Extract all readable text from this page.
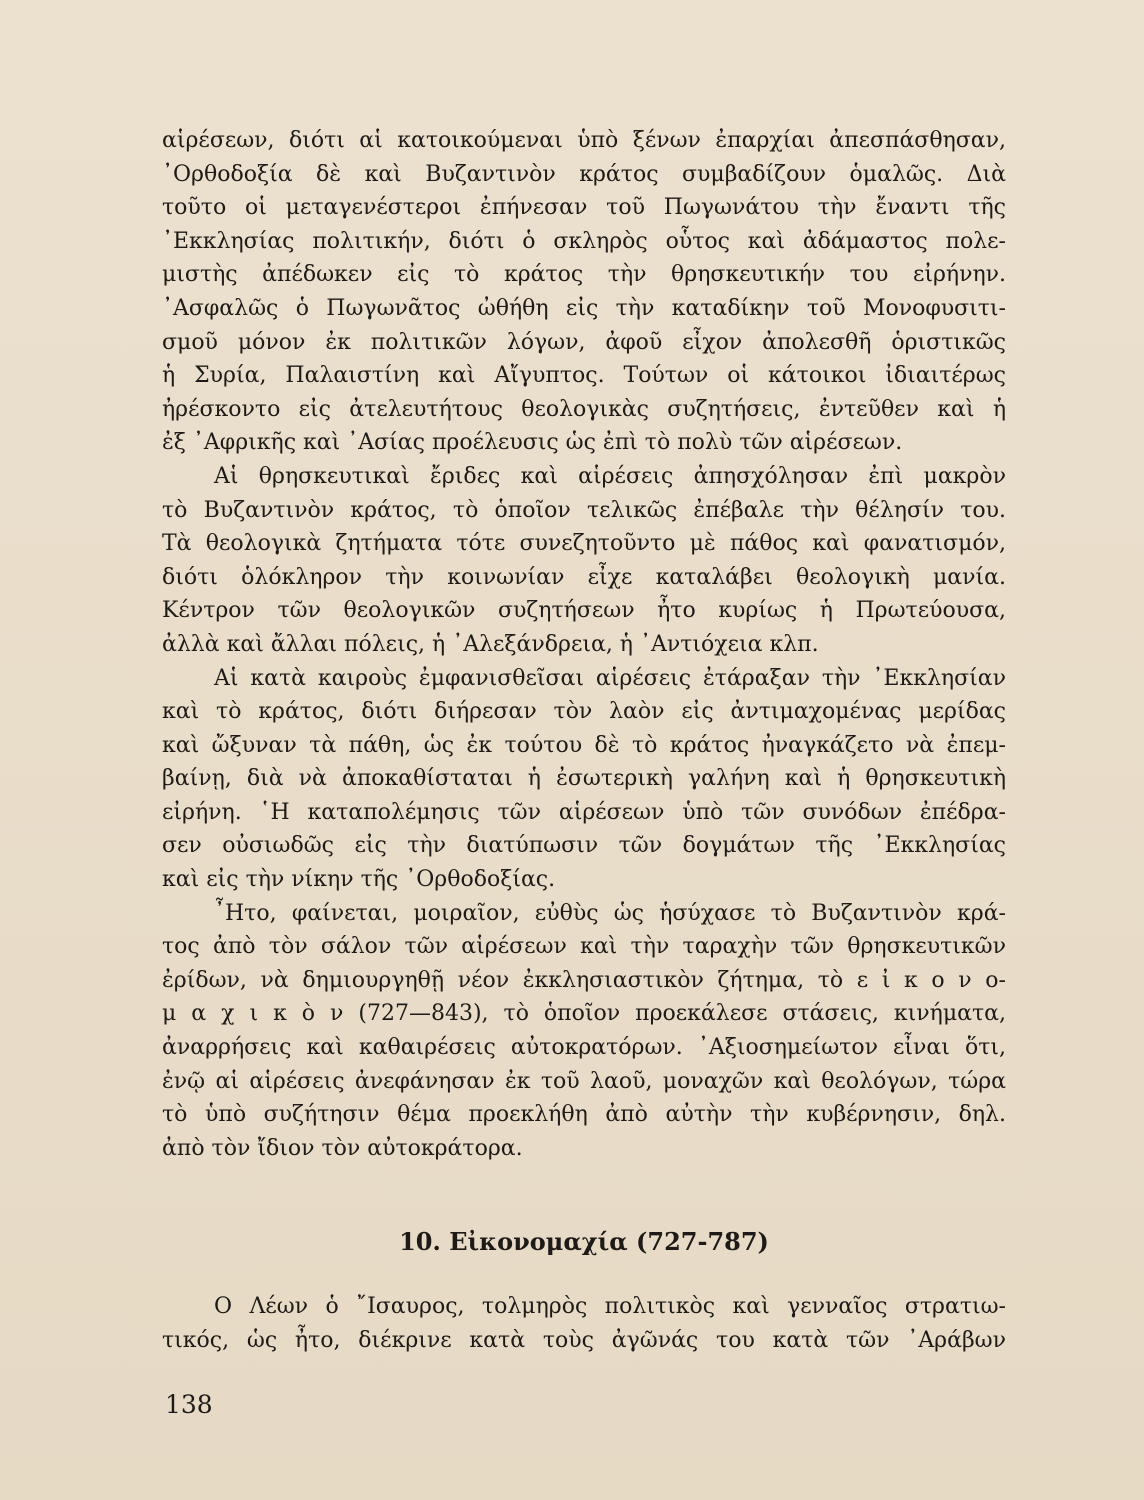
αἱρέσεων, διότι αἱ κατοικούμεναι ὑπὸ ξένων ἐπαρχίαι ἀπεσπάσθησαν,
᾿Ορθοδοξία δὲ καὶ Βυζαντινὸν κράτος συμβαδίζουν ὁμαλῶς. Διὰ
τοῦτο οἱ μεταγενέστεροι ἐπήνεσαν τοῦ Πωγωνάτου τὴν ἔναντι τῆς
᾿Εκκλησίας πολιτικήν, διότι ὁ σκληρὸς οὗτος καὶ ἀδάμαστος πολε-
μιστὴς ἀπέδωκεν εἰς τὸ κράτος τὴν θρησκευτικήν του εἰρήνην.
᾿Ασφαλῶς ὁ Πωγωνᾶτος ὠθήθη εἰς τὴν καταδίκην τοῦ Μονοφυσιτι-
σμοῦ μόνον ἐκ πολιτικῶν λόγων, ἀφοῦ εἶχον ἀπολεσθῆ ὁριστικῶς
ἡ Συρία, Παλαιστίνη καὶ Αἴγυπτος. Τούτων οἱ κάτοικοι ἰδιαιτέρως
ἠρέσκοντο εἰς ἀτελευτήτους θεολογικὰς συζητήσεις, ἐντεῦθεν καὶ ἡ
ἐξ ᾿Αφρικῆς καὶ ᾿Ασίας προέλευσις ὡς ἐπὶ τὸ πολὺ τῶν αἱρέσεων.
Αἱ θρησκευτικαὶ ἔριδες καὶ αἱρέσεις ἀπησχόλησαν ἐπὶ μακρὸν
τὸ Βυζαντινὸν κράτος, τὸ ὁποῖον τελικῶς ἐπέβαλε τὴν θέλησίν του.
Τὰ θεολογικὰ ζητήματα τότε συνεζητοῦντο μὲ πάθος καὶ φανατισμόν,
διότι ὁλόκληρον τὴν κοινωνίαν εἶχε καταλάβει θεολογικὴ μανία.
Κέντρον τῶν θεολογικῶν συζητήσεων ἦτο κυρίως ἡ Πρωτεύουσα,
ἀλλὰ καὶ ἄλλαι πόλεις, ἡ ᾿Αλεξάνδρεια, ἡ ᾿Αντιόχεια κλπ.
Αἱ κατὰ καιροὺς ἐμφανισθεῖσαι αἱρέσεις ἐτάραξαν τὴν ᾿Εκκλησίαν
καὶ τὸ κράτος, διότι διήρεσαν τὸν λαὸν εἰς ἀντιμαχομένας μερίδας
καὶ ὤξυναν τὰ πάθη, ὡς ἐκ τούτου δὲ τὸ κράτος ἠναγκάζετο νὰ ἐπεμ-
βαίνῃ, διὰ νὰ ἀποκαθίσταται ἡ ἐσωτερικὴ γαλήνη καὶ ἡ θρησκευτικὴ
εἰρήνη. ῾Η καταπολέμησις τῶν αἱρέσεων ὑπὸ τῶν συνόδων ἐπέδρα-
σεν οὐσιωδῶς εἰς τὴν διατύπωσιν τῶν δογμάτων τῆς ᾿Εκκλησίας
καὶ εἰς τὴν νίκην τῆς ᾿Ορθοδοξίας.
῏Ητο, φαίνεται, μοιραῖον, εὐθὺς ὡς ἡσύχασε τὸ Βυζαντινὸν κρά-
τος ἀπὸ τὸν σάλον τῶν αἱρέσεων καὶ τὴν ταραχὴν τῶν θρησκευτικῶν
ἐρίδων, νὰ δημιουργηθῇ νέον ἐκκλησιαστικὸν ζήτημα, τὸ ε ἰ κ ο ν ο-
μ α χ ι κ ὸ ν (727—843), τὸ ὁποῖον προεκάλεσε στάσεις, κινήματα,
ἀναρρήσεις καὶ καθαιρέσεις αὐτοκρατόρων. ᾿Αξιοσημείωτον εἶναι ὅτι,
ἐνῷ αἱ αἱρέσεις ἀνεφάνησαν ἐκ τοῦ λαοῦ, μοναχῶν καὶ θεολόγων, τώρα
τὸ ὑπὸ συζήτησιν θέμα προεκλήθη ἀπὸ αὐτὴν τὴν κυβέρνησιν, δηλ.
ἀπὸ τὸν ἴδιον τὸν αὐτοκράτορα.
10. Εἰκονομαχία (727-787)
Ο Λέων ὁ ῎Ισαυρος, τολμηρὸς πολιτικὸς καὶ γενναῖος στρατιω-
τικός, ὡς ἦτο, διέκρινε κατὰ τοὺς ἀγῶνάς του κατὰ τῶν ᾿Αράβων
138
